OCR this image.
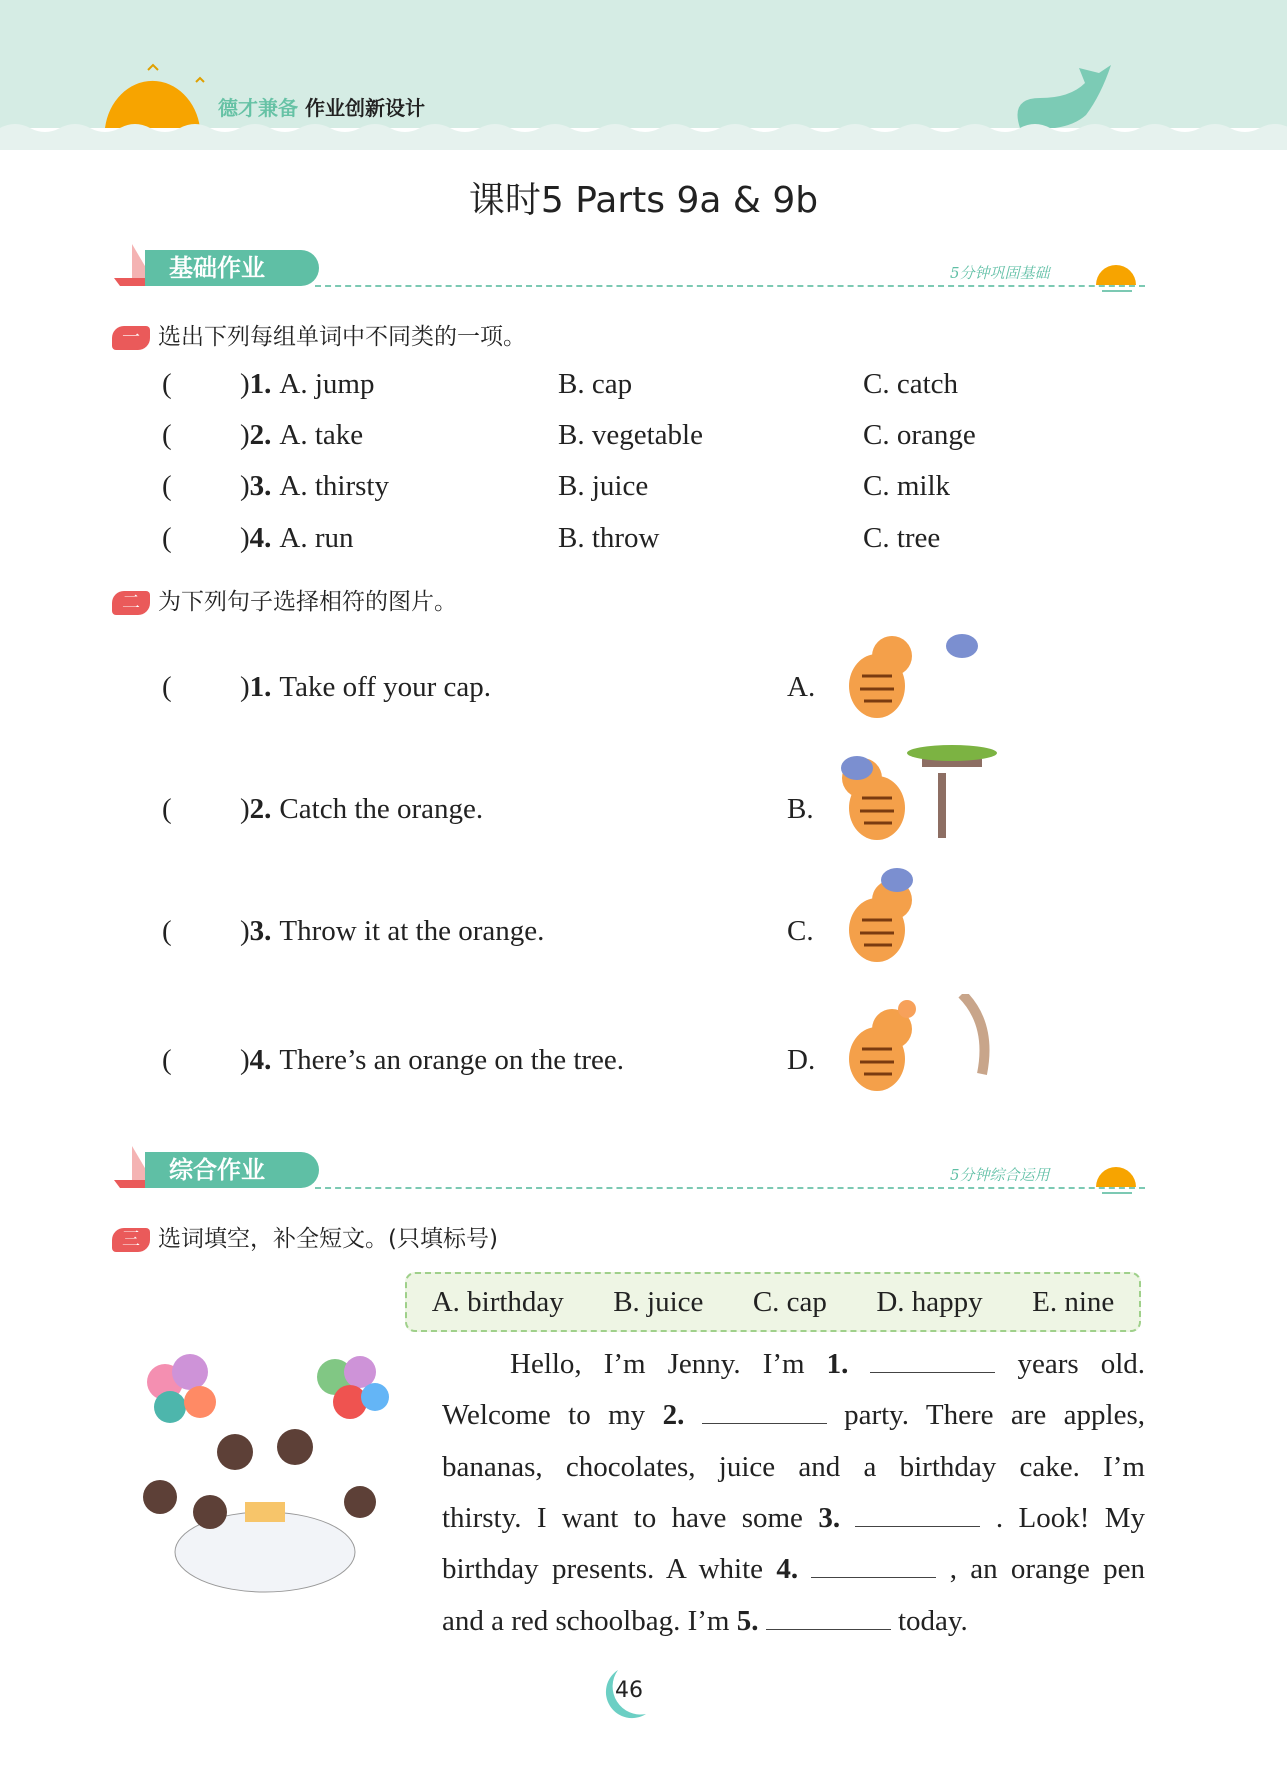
德才兼备 作业创新设计
课时5 Parts 9a & 9b
基础作业	5分钟巩固基础
一 选出下列每组单词中不同类的一项。
二 为下列句子选择相符的图片。
综合作业	5分钟综合运用
三 选词填空，补全短文。(只填标号)
A. birthday B. juice C. cap D. happy E. nine
46
( )1. A. jump	B. cap	C. catch
( )2. A. take	B. vegetable	C. orange
( )3. A. thirsty	B. juice	C. milk
( )4. A. run	B. throw	C. tree
( )1. Take off your cap.	A.
( )2. Catch the orange.	B.
( )3. Throw it at the orange.	C.
( )4. There’s an orange on the tree.	D.
Hello, I’m Jenny. I’m 1.	years old.
Welcome to my 2.	party. There are apples,
bananas, chocolates, juice and a birthday cake. I’m
thirsty. I want to have some 3.	. Look! My
birthday presents. A white 4.	, an orange pen
and a red schoolbag. I’m 5.	today.
